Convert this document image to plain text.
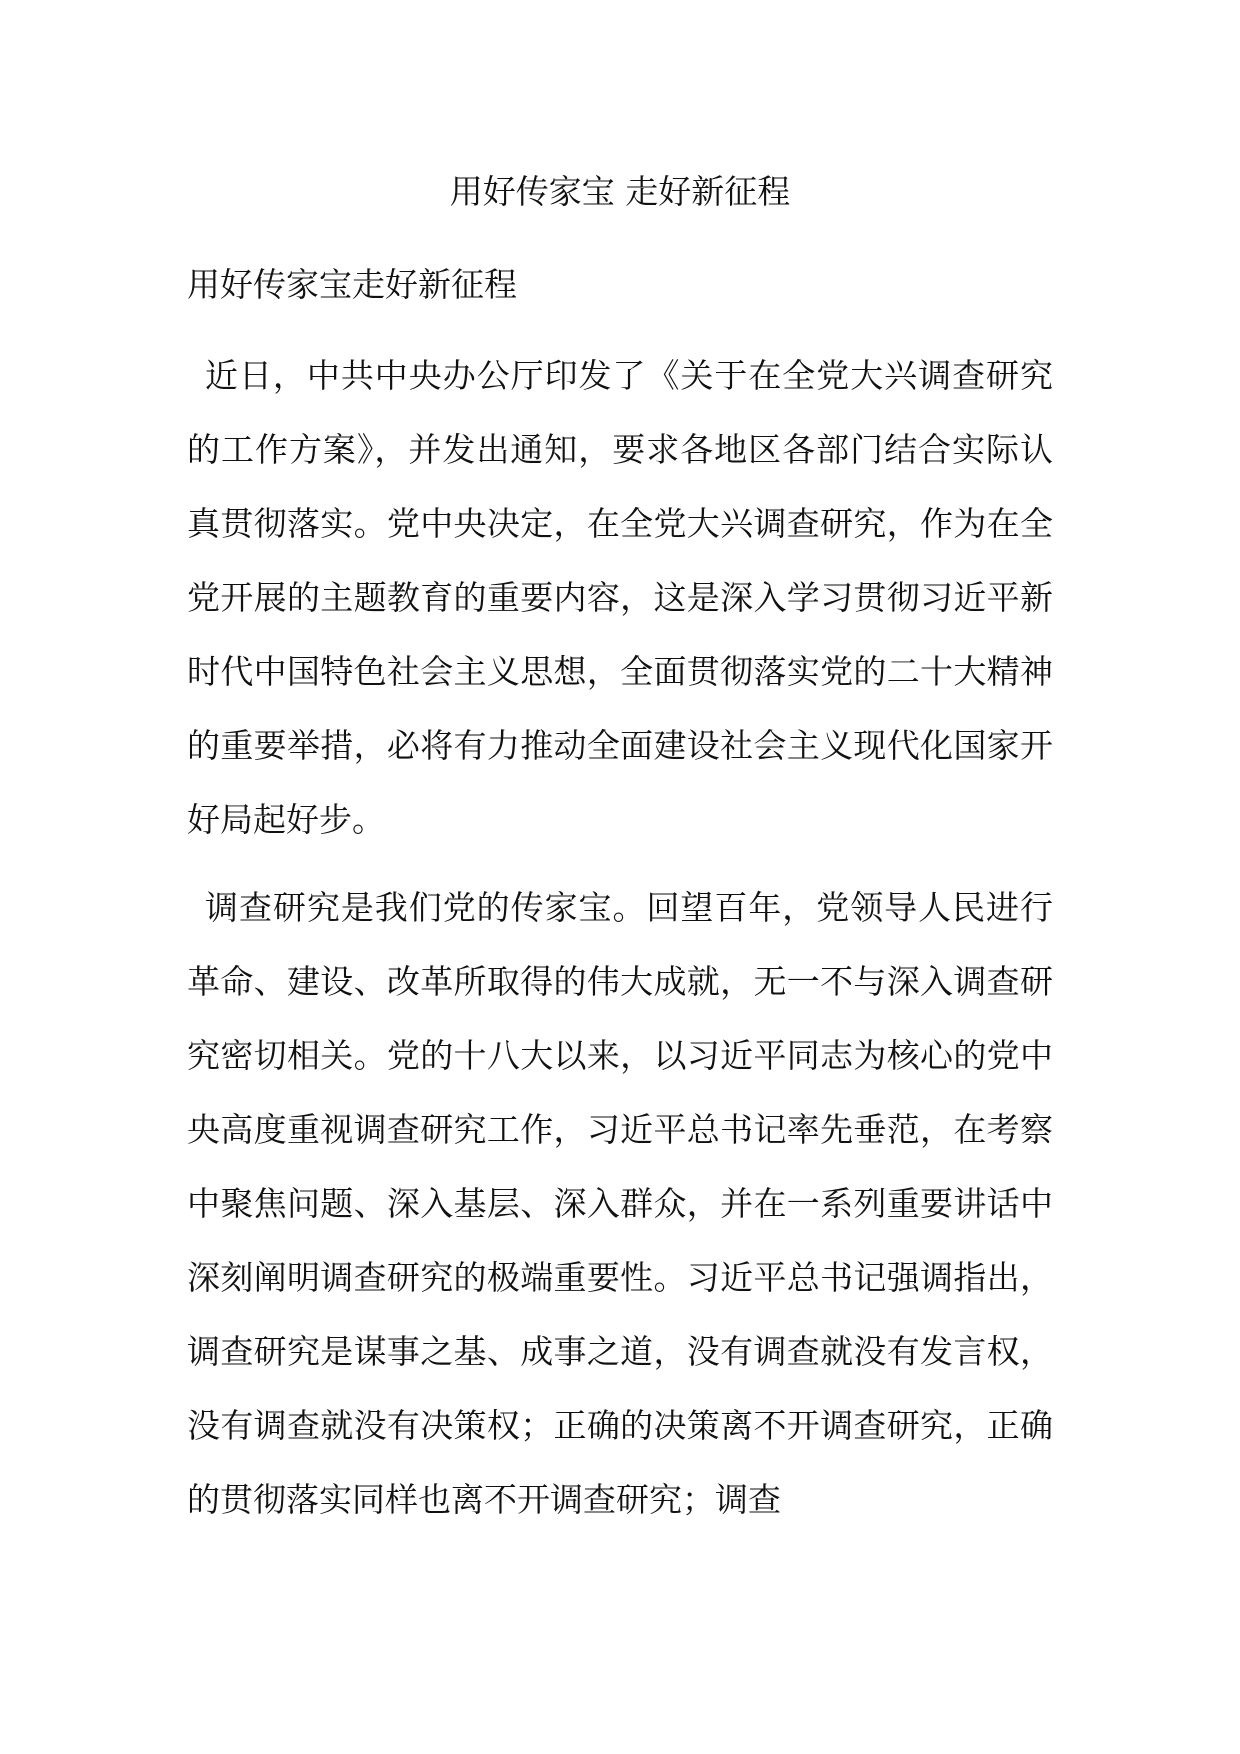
用好传家宝 走好新征程
用好传家宝走好新征程

近日，中共中央办公厅印发了《关于在全党大兴调查研究的工作方案》，并发出通知，要求各地区各部门结合实际认真贯彻落实。党中央决定，在全党大兴调查研究，作为在全党开展的主题教育的重要内容，这是深入学习贯彻习近平新时代中国特色社会主义思想，全面贯彻落实党的二十大精神的重要举措，必将有力推动全面建设社会主义现代化国家开好局起好步。

调查研究是我们党的传家宝。回望百年，党领导人民进行革命、建设、改革所取得的伟大成就，无一不与深入调查研究密切相关。党的十八大以来，以习近平同志为核心的党中央高度重视调查研究工作，习近平总书记率先垂范，在考察中聚焦问题、深入基层、深入群众，并在一系列重要讲话中深刻阐明调查研究的极端重要性。习近平总书记强调指出，调查研究是谋事之基、成事之道，没有调查就没有发言权，没有调查就没有决策权；正确的决策离不开调查研究，正确的贯彻落实同样也离不开调查研究；调查
